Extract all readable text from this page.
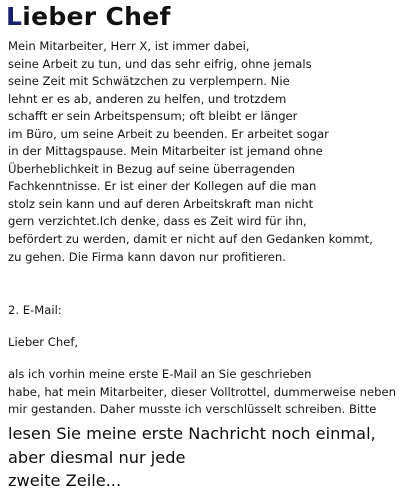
Lieber Chef
Mein Mitarbeiter, Herr X, ist immer dabei,
seine Arbeit zu tun, und das sehr eifrig, ohne jemals
seine Zeit mit Schwätzchen zu verplempern. Nie
lehnt er es ab, anderen zu helfen, und trotzdem
schafft er sein Arbeitspensum; oft bleibt er länger
im Büro, um seine Arbeit zu beenden. Er arbeitet sogar
in der Mittagspause. Mein Mitarbeiter ist jemand ohne
Überheblichkeit in Bezug auf seine überragenden
Fachkenntnisse. Er ist einer der Kollegen auf die man
stolz sein kann und auf deren Arbeitskraft man nicht
gern verzichtet.Ich denke, dass es Zeit wird für ihn,
befördert zu werden, damit er nicht auf den Gedanken kommt,
zu gehen. Die Firma kann davon nur profitieren.
2. E-Mail:
Lieber Chef,
als ich vorhin meine erste E-Mail an Sie geschrieben
habe, hat mein Mitarbeiter, dieser Volltrottel, dummerweise neben
mir gestanden. Daher musste ich verschlüsselt schreiben. Bitte
lesen Sie meine erste Nachricht noch einmal,
aber diesmal nur jede
zweite Zeile...
